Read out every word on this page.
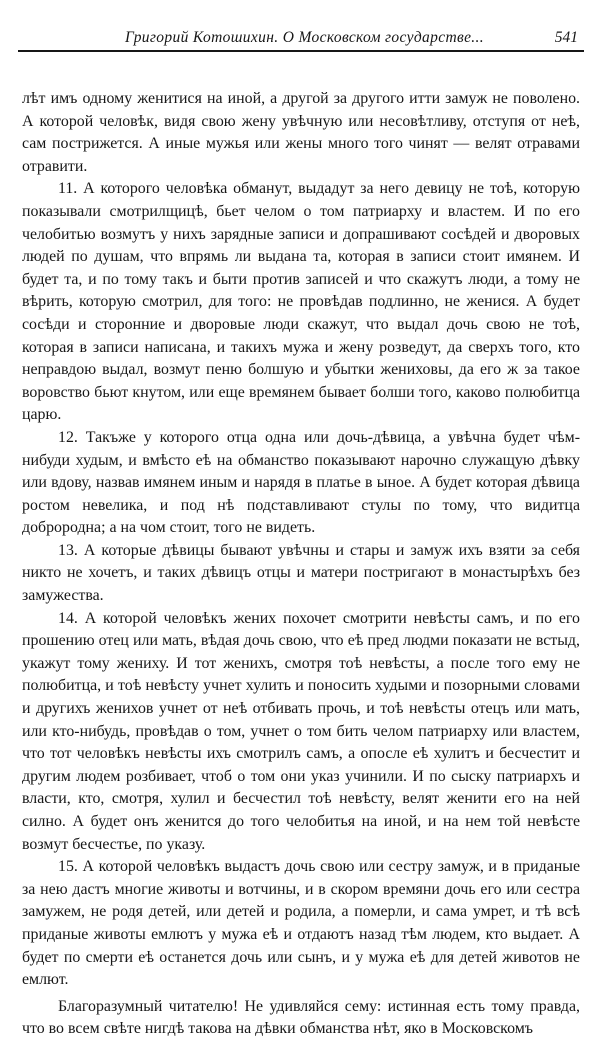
Григорий Котошихин. О Московском государстве...	541

лѣт имъ одному женитися на иной, а другой за другого итти замуж не поволено. А которой человѣк, видя свою жену увѣчную или несовѣтливу, отступя от неѣ, сам пострижется. А иные мужья или жены много того чинят — велят отравами отравити.

11. А которого человѣка обманут, выдадут за него девицу не тоѣ, которую показывали смотрилщицѣ, бьет челом о том патриарху и властем. И по его челобитью возмутъ у нихъ зарядные записи и допрашивают сосѣдей и дворовых людей по душам, что впрямь ли выдана та, которая в записи стоит имянем. И будет та, и по тому такъ и быти против записей и что скажутъ люди, а тому не вѣрить, которую смотрил, для того: не провѣдав подлинно, не женися. А будет сосѣди и сторонние и дворовые люди скажут, что выдал дочь свою не тоѣ, которая в записи написана, и такихъ мужа и жену розведут, да сверхъ того, кто неправдою выдал, возмут пеню болшую и убытки жениховы, да его ж за такое воровство бьют кнутом, или еще времянем бывает болши того, каково полюбитца царю.

12. Такъже у которого отца одна или дочь-дѣвица, а увѣчна будет чѣм-нибуди худым, и вмѣсто еѣ на обманство показывают нарочно служащую дѣвку или вдову, назвав имянем иным и нарядя в платье в ыное. А будет которая дѣвица ростом невелика, и под нѣ подставливают стулы по тому, что видитца добророднa; а на чом стоит, того не видеть.

13. А которые дѣвицы бывают увѣчны и стары и замуж ихъ взяти за себя никто не хочетъ, и таких дѣвицъ отцы и матери постригают в монастырѣхъ без замужества.

14. А которой человѣкъ жених похочет смотрити невѣсты самъ, и по его прошению отец или мать, вѣдая дочь свою, что еѣ пред людми показати не встыд, укажут тому жениху. И тот женихъ, смотря тоѣ невѣсты, а после того ему не полюбитца, и тоѣ невѣсту учнет хулить и поносить худыми и позорными словами и другихъ женихов учнет от неѣ отбивать прочь, и тоѣ невѣсты отецъ или мать, или кто-нибудь, провѣдав о том, учнет о том бить челом патриарху или властем, что тот человѣкъ невѣсты ихъ смотрилъ самъ, а опосле еѣ хулитъ и бесчестит и другим людем розбивает, чтоб о том они указ учинили. И по сыску патриархъ и власти, кто, смотря, хулил и бесчестил тоѣ невѣсту, велят женити его на ней силно. А будет онъ женится до того челобитья на иной, и на нем той невѣсте возмут бесчестье, по указу.

15. А которой человѣкъ выдастъ дочь свою или сестру замуж, и в приданые за нею дастъ многие животы и вотчины, и в скором времяни дочь его или сестра замужем, не родя детей, или детей и родила, а померли, и сама умрет, и тѣ всѣ приданые животы емлютъ у мужа еѣ и отдаютъ назад тѣм людем, кто выдает. А будет по смерти еѣ останется дочь или сынъ, и у мужа еѣ для детей животов не емлют.

Благоразумный читателю! Не удивляйся сему: истинная есть тому правда, что во всем свѣте нигдѣ такова на дѣвки обманства нѣт, яко в Московскомъ
